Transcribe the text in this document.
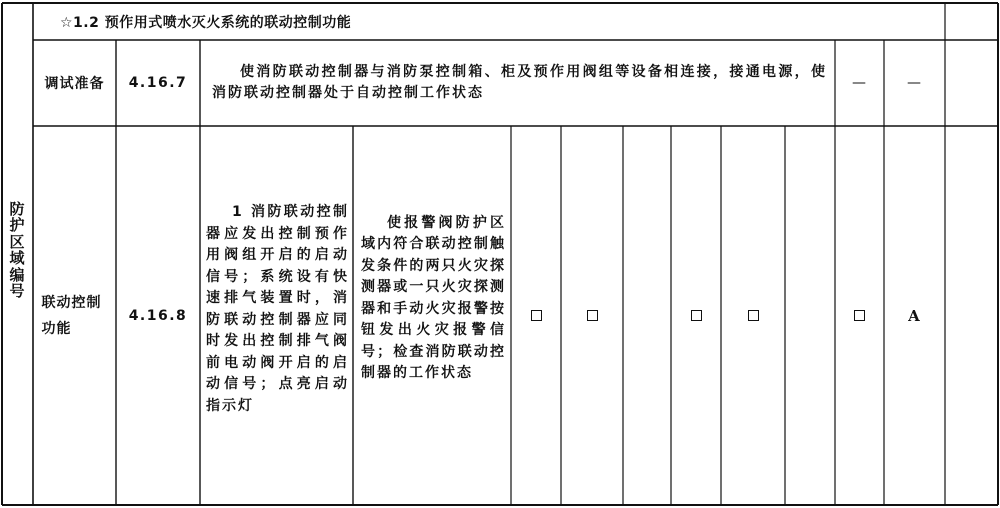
☆1.2 预作用式喷水灭火系统的联动控制功能
防
护
区
域
编
号
调试准备	4.16.7
使消防联动控制器与消防泵控制箱、柜及预作用阀组等设备相连接，接通电源，使消防联动控制器处于自动控制工作状态
—	—
联动控制功能
4.16.8
1 消防联动控制器应发出控制预作用阀组开启的启动信号；系统设有快速排气装置时，消防联动控制器应同时发出控制排气阀前电动阀开启的启动信号；点亮启动指示灯
使报警阀防护区域内符合联动控制触发条件的两只火灾探测器或一只火灾探测器和手动火灾报警按钮发出火灾报警信号；检查消防联动控制器的工作状态
A
